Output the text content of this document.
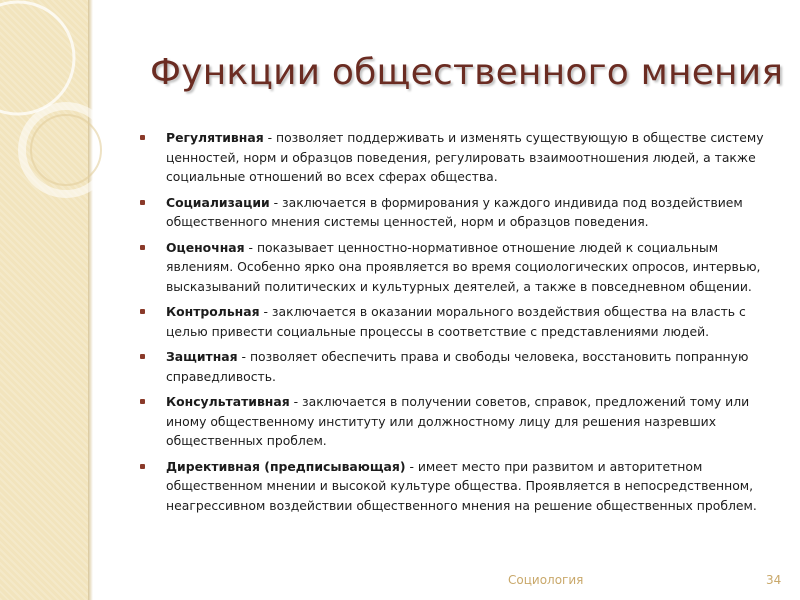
Функции общественного мнения
Регулятивная - позволяет поддерживать и изменять существующую в обществе систему ценностей, норм и образцов поведения, регулировать взаимоотношения людей, а также социальные отношений во всех сферах общества.
Социализации - заключается в формирования у каждого индивида под воздействием общественного мнения системы ценностей, норм и образцов поведения.
Оценочная - показывает ценностно-нормативное отношение людей к социальным явлениям. Особенно ярко она проявляется во время социологических опросов, интервью, высказываний политических и культурных деятелей, а также в повседневном общении.
Контрольная - заключается в оказании морального воздействия общества на власть с целью привести социальные процессы в соответствие с представлениями людей.
Защитная - позволяет обеспечить права и свободы человека, восстановить попранную справедливость.
Консультативная - заключается в получении советов, справок, предложений тому или иному общественному институту или должностному лицу для решения назревших общественных проблем.
Директивная (предписывающая) - имеет место при развитом и авторитетном общественном мнении и высокой культуре общества. Проявляется в непосредственном, неагрессивном воздействии общественного мнения на решение общественных проблем.
Социология	34
